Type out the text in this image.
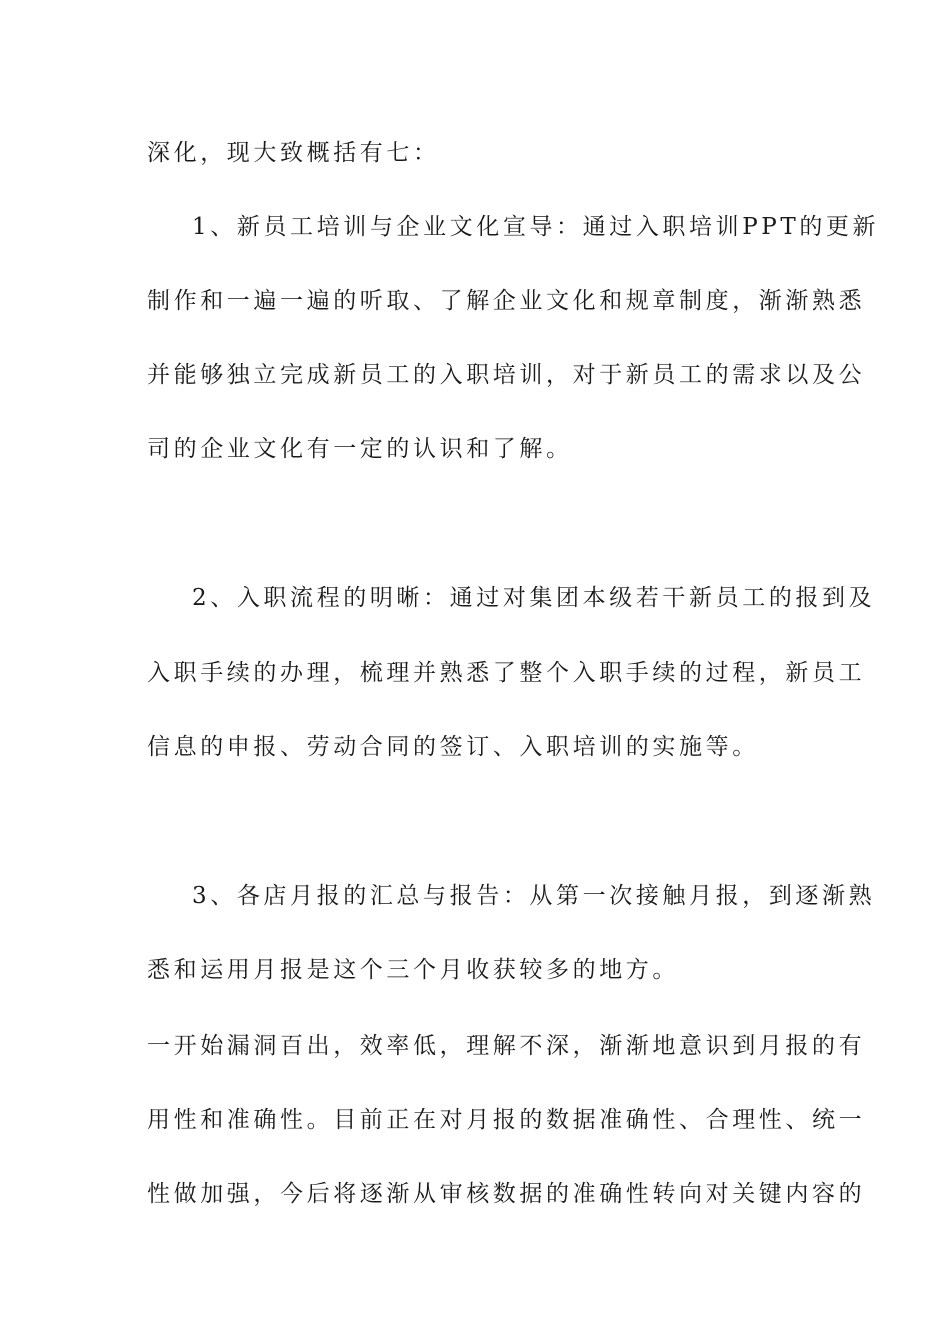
深化，现大致概括有七：
1、新员工培训与企业文化宣导：通过入职培训PPT的更新
制作和一遍一遍的听取、了解企业文化和规章制度，渐渐熟悉
并能够独立完成新员工的入职培训，对于新员工的需求以及公
司的企业文化有一定的认识和了解。
2、入职流程的明晰：通过对集团本级若干新员工的报到及
入职手续的办理，梳理并熟悉了整个入职手续的过程，新员工
信息的申报、劳动合同的签订、入职培训的实施等。
3、各店月报的汇总与报告：从第一次接触月报，到逐渐熟
悉和运用月报是这个三个月收获较多的地方。
一开始漏洞百出，效率低，理解不深，渐渐地意识到月报的有
用性和准确性。目前正在对月报的数据准确性、合理性、统一
性做加强，今后将逐渐从审核数据的准确性转向对关键内容的
